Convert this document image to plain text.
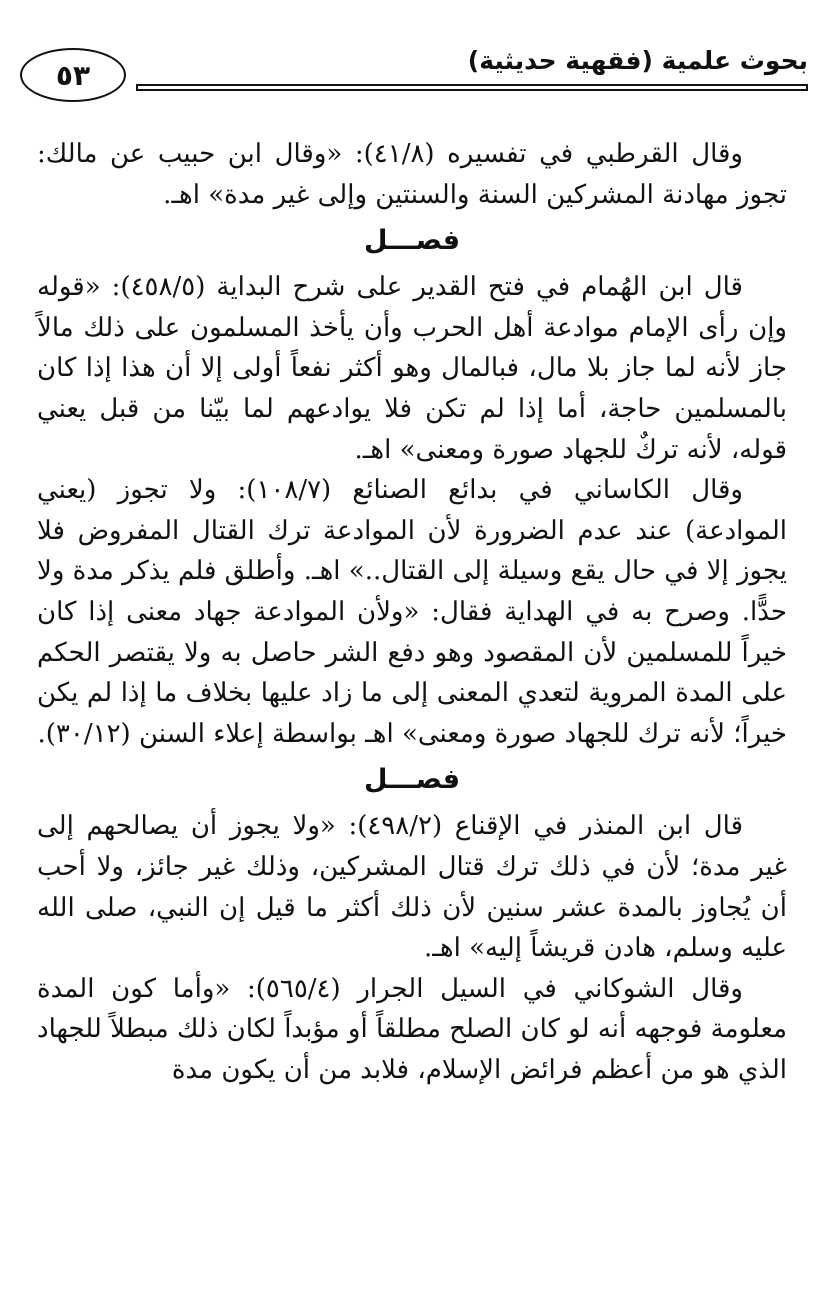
بحوث علمية (فقهية حديثية)
٥٣

وقال القرطبي في تفسيره (٤١/٨): «وقال ابن حبيب عن مالك: تجوز مهادنة المشركين السنة والسنتين وإلى غير مدة» اهـ.

فصـــل

قال ابن الهُمام في فتح القدير على شرح البداية (٤٥٨/٥): «قوله وإن رأى الإمام موادعة أهل الحرب وأن يأخذ المسلمون على ذلك مالاً جاز لأنه لما جاز بلا مال، فبالمال وهو أكثر نفعاً أولى إلا أن هذا إذا كان بالمسلمين حاجة، أما إذا لم تكن فلا يوادعهم لما بيّنا من قبل يعني قوله، لأنه تركٌ للجهاد صورة ومعنى» اهـ.

وقال الكاساني في بدائع الصنائع (١٠٨/٧): ولا تجوز (يعني الموادعة) عند عدم الضرورة لأن الموادعة ترك القتال المفروض فلا يجوز إلا في حال يقع وسيلة إلى القتال..» اهـ. وأطلق فلم يذكر مدة ولا حدًّا. وصرح به في الهداية فقال: «ولأن الموادعة جهاد معنى إذا كان خيراً للمسلمين لأن المقصود وهو دفع الشر حاصل به ولا يقتصر الحكم على المدة المروية لتعدي المعنى إلى ما زاد عليها بخلاف ما إذا لم يكن خيراً؛ لأنه ترك للجهاد صورة ومعنى» اهـ بواسطة إعلاء السنن (٣٠/١٢).

فصـــل

قال ابن المنذر في الإقناع (٤٩٨/٢): «ولا يجوز أن يصالحهم إلى غير مدة؛ لأن في ذلك ترك قتال المشركين، وذلك غير جائز، ولا أحب أن يُجاوز بالمدة عشر سنين لأن ذلك أكثر ما قيل إن النبي، صلى الله عليه وسلم، هادن قريشاً إليه» اهـ.

وقال الشوكاني في السيل الجرار (٥٦٥/٤): «وأما كون المدة معلومة فوجهه أنه لو كان الصلح مطلقاً أو مؤبداً لكان ذلك مبطلاً للجهاد الذي هو من أعظم فرائض الإسلام، فلابد من أن يكون مدة
